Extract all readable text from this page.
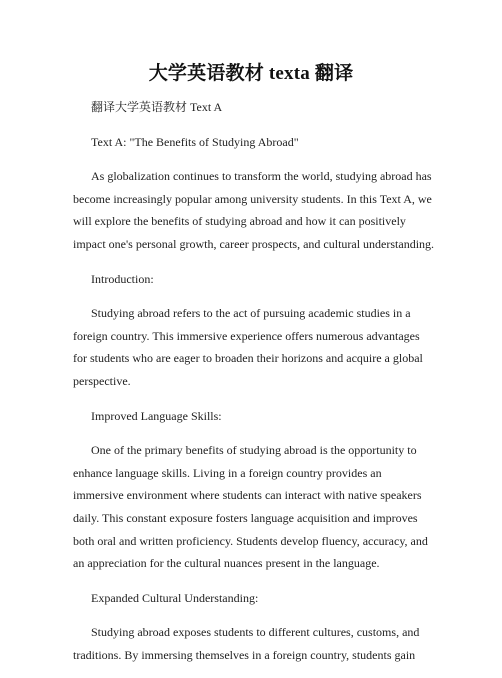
大学英语教材 texta 翻译

翻译大学英语教材 Text A

Text A: "The Benefits of Studying Abroad"

As globalization continues to transform the world, studying abroad has become increasingly popular among university students. In this Text A, we will explore the benefits of studying abroad and how it can positively impact one's personal growth, career prospects, and cultural understanding.

Introduction:

Studying abroad refers to the act of pursuing academic studies in a foreign country. This immersive experience offers numerous advantages for students who are eager to broaden their horizons and acquire a global perspective.

Improved Language Skills:

One of the primary benefits of studying abroad is the opportunity to enhance language skills. Living in a foreign country provides an immersive environment where students can interact with native speakers daily. This constant exposure fosters language acquisition and improves both oral and written proficiency. Students develop fluency, accuracy, and an appreciation for the cultural nuances present in the language.

Expanded Cultural Understanding:

Studying abroad exposes students to different cultures, customs, and traditions. By immersing themselves in a foreign country, students gain
